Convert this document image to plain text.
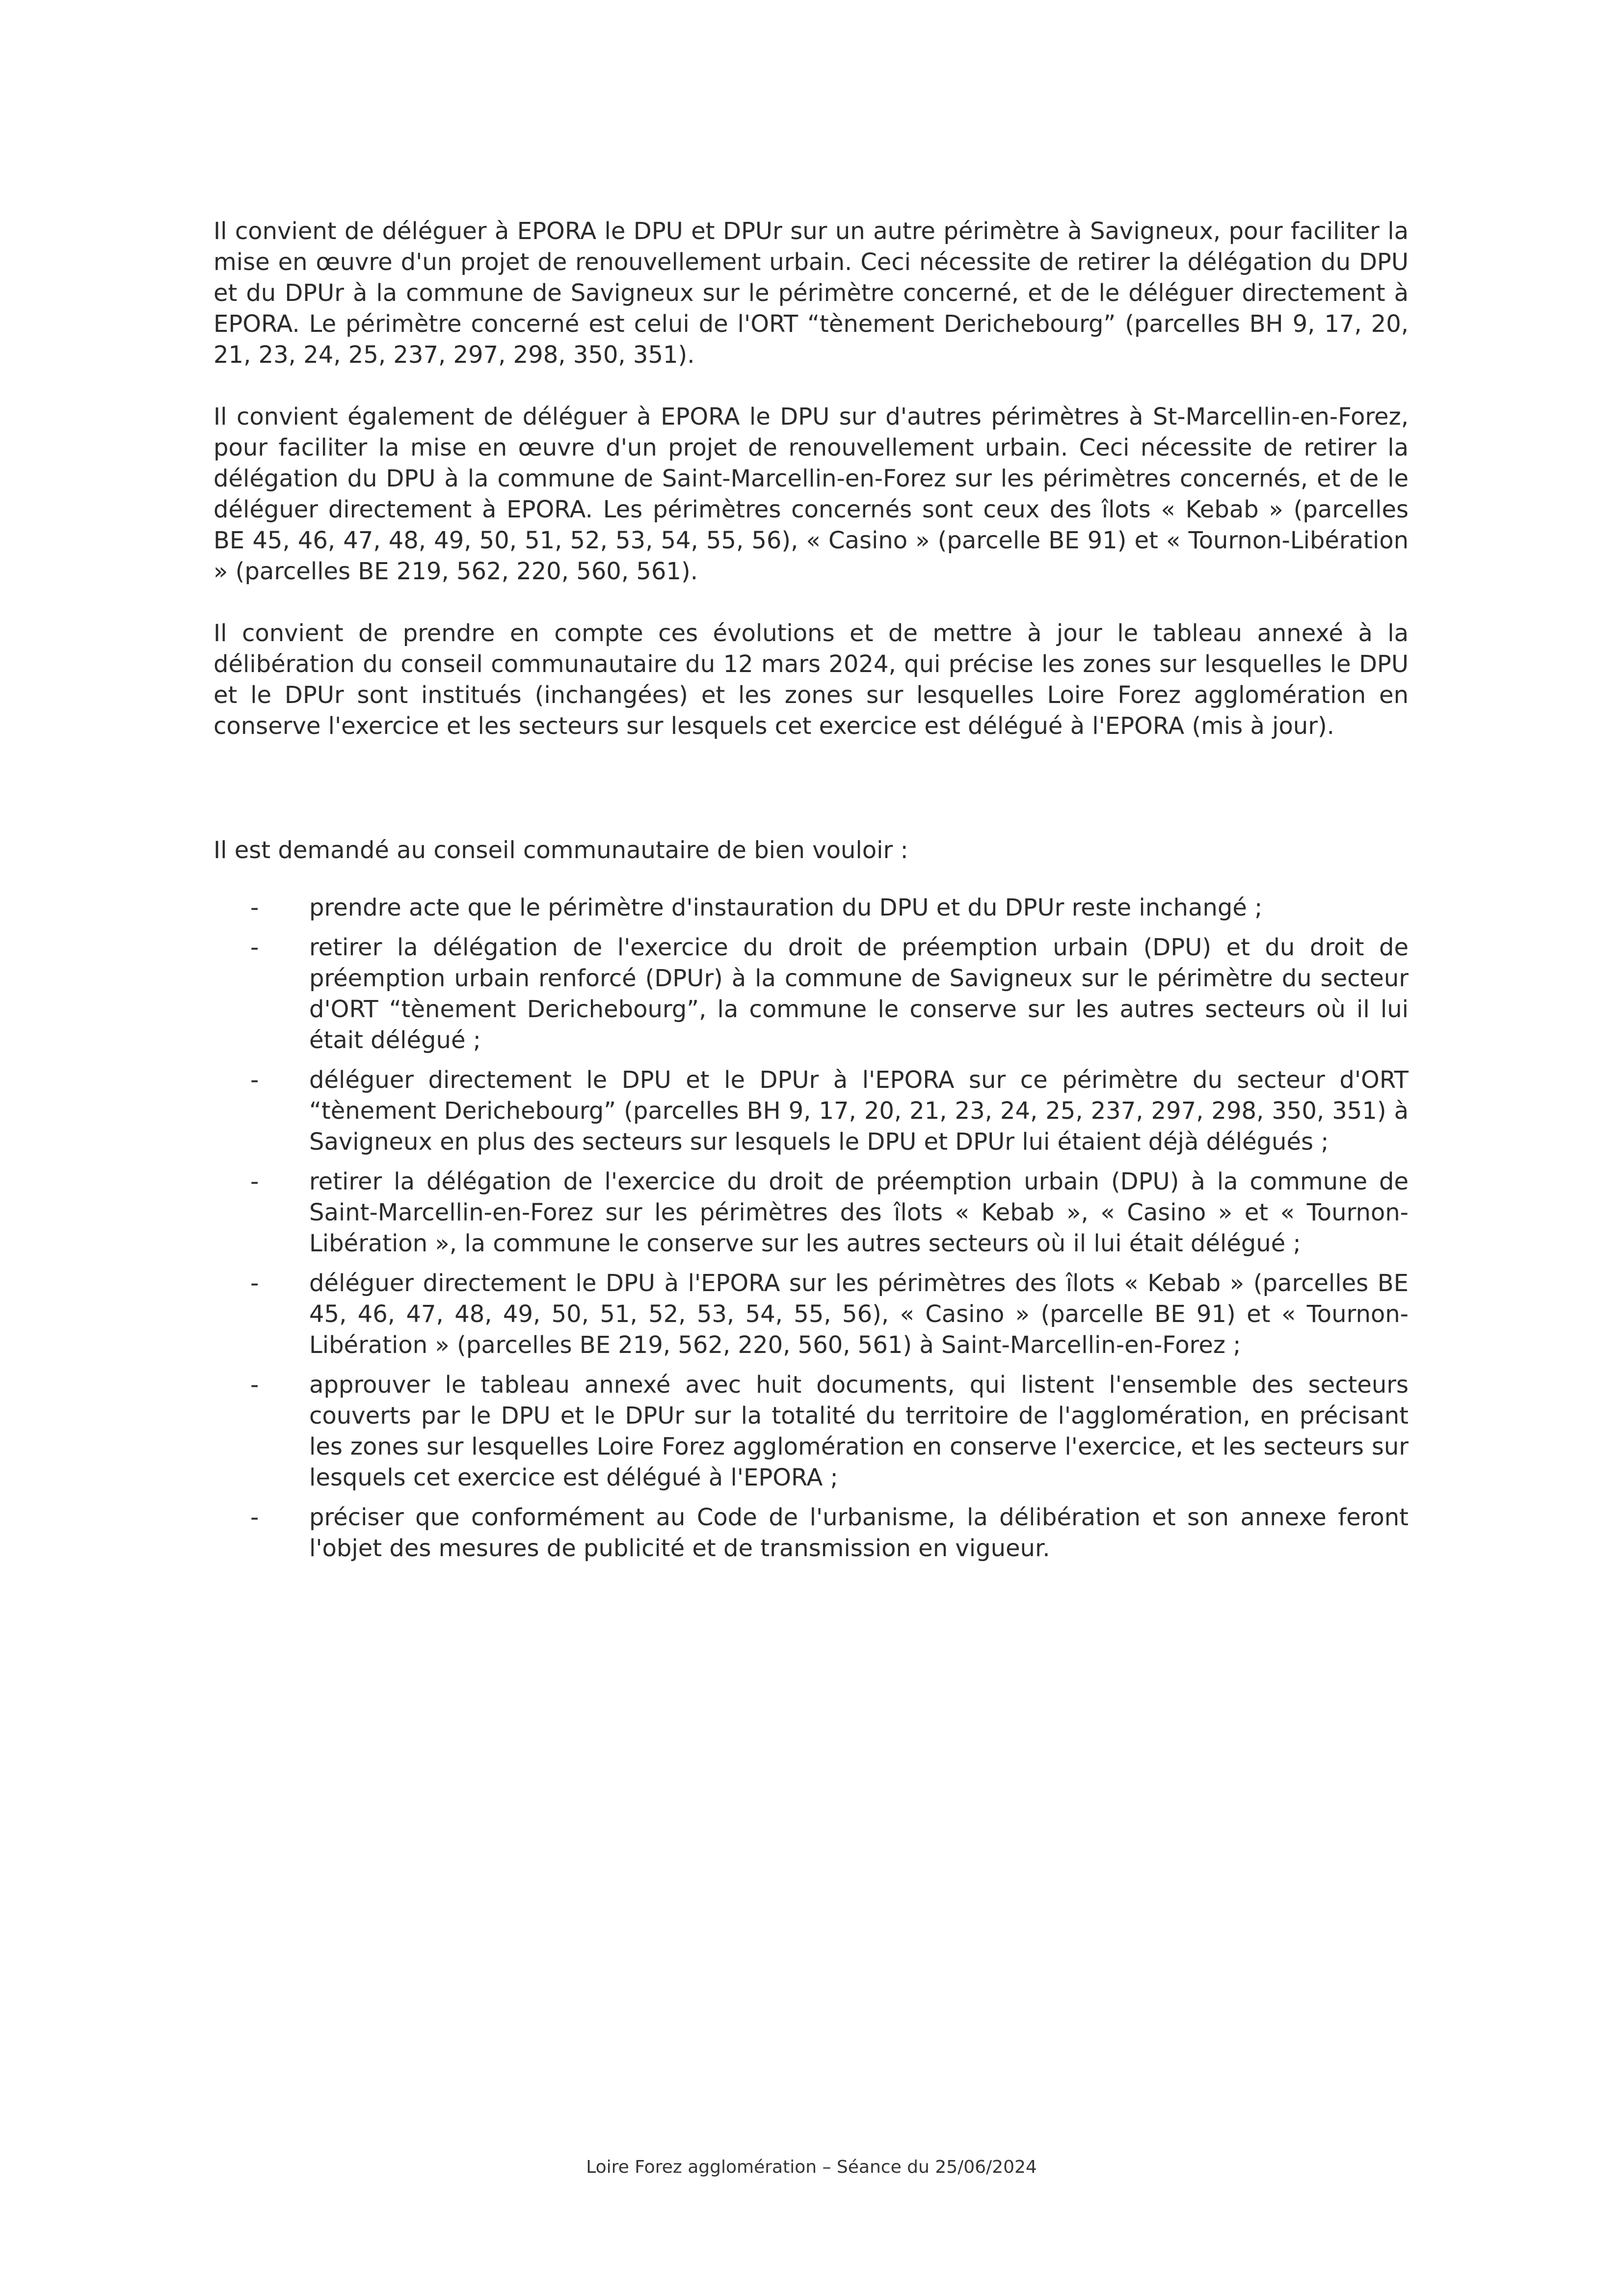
Il convient de déléguer à EPORA le DPU et DPUr sur un autre périmètre à Savigneux, pour faciliter la mise en œuvre d'un projet de renouvellement urbain. Ceci nécessite de retirer la délégation du DPU et du DPUr à la commune de Savigneux sur le périmètre concerné, et de le déléguer directement à EPORA. Le périmètre concerné est celui de l'ORT “tènement Derichebourg” (parcelles BH 9, 17, 20, 21, 23, 24, 25, 237, 297, 298, 350, 351).

Il convient également de déléguer à EPORA le DPU sur d'autres périmètres à St-Marcellin-en-Forez, pour faciliter la mise en œuvre d'un projet de renouvellement urbain. Ceci nécessite de retirer la délégation du DPU à la commune de Saint-Marcellin-en-Forez sur les périmètres concernés, et de le déléguer directement à EPORA. Les périmètres concernés sont ceux des îlots « Kebab » (parcelles BE 45, 46, 47, 48, 49, 50, 51, 52, 53, 54, 55, 56), « Casino » (parcelle BE 91) et « Tournon-Libération » (parcelles BE 219, 562, 220, 560, 561).

Il convient de prendre en compte ces évolutions et de mettre à jour le tableau annexé à la délibération du conseil communautaire du 12 mars 2024, qui précise les zones sur lesquelles le DPU et le DPUr sont institués (inchangées) et les zones sur lesquelles Loire Forez agglomération en conserve l'exercice et les secteurs sur lesquels cet exercice est délégué à l'EPORA (mis à jour).

Il est demandé au conseil communautaire de bien vouloir :

- prendre acte que le périmètre d'instauration du DPU et du DPUr reste inchangé ;
- retirer la délégation de l'exercice du droit de préemption urbain (DPU) et du droit de préemption urbain renforcé (DPUr) à la commune de Savigneux sur le périmètre du secteur d'ORT “tènement Derichebourg”, la commune le conserve sur les autres secteurs où il lui était délégué ;
- déléguer directement le DPU et le DPUr à l'EPORA sur ce périmètre du secteur d'ORT “tènement Derichebourg” (parcelles BH 9, 17, 20, 21, 23, 24, 25, 237, 297, 298, 350, 351) à Savigneux en plus des secteurs sur lesquels le DPU et DPUr lui étaient déjà délégués ;
- retirer la délégation de l'exercice du droit de préemption urbain (DPU) à la commune de Saint-Marcellin-en-Forez sur les périmètres des îlots « Kebab », « Casino » et « Tournon-Libération », la commune le conserve sur les autres secteurs où il lui était délégué ;
- déléguer directement le DPU à l'EPORA sur les périmètres des îlots « Kebab » (parcelles BE 45, 46, 47, 48, 49, 50, 51, 52, 53, 54, 55, 56), « Casino » (parcelle BE 91) et « Tournon-Libération » (parcelles BE 219, 562, 220, 560, 561) à Saint-Marcellin-en-Forez ;
- approuver le tableau annexé avec huit documents, qui listent l'ensemble des secteurs couverts par le DPU et le DPUr sur la totalité du territoire de l'agglomération, en précisant les zones sur lesquelles Loire Forez agglomération en conserve l'exercice, et les secteurs sur lesquels cet exercice est délégué à l'EPORA ;
- préciser que conformément au Code de l'urbanisme, la délibération et son annexe feront l'objet des mesures de publicité et de transmission en vigueur.
Loire Forez agglomération – Séance du 25/06/2024
